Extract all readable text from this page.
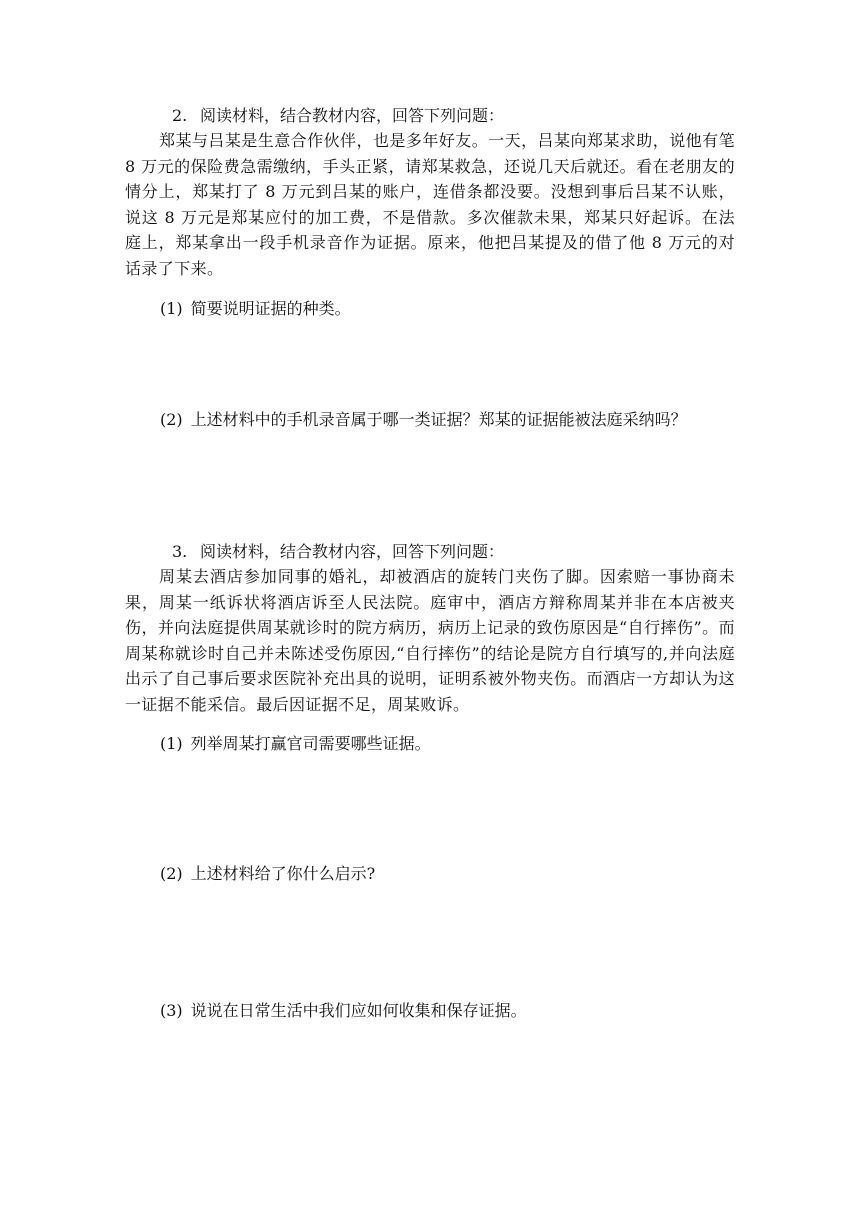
2. 阅读材料，结合教材内容，回答下列问题：

郑某与吕某是生意合作伙伴，也是多年好友。一天，吕某向郑某求助，说他有笔 8 万元的保险费急需缴纳，手头正紧，请郑某救急，还说几天后就还。看在老朋友的情分上，郑某打了 8 万元到吕某的账户，连借条都没要。没想到事后吕某不认账，说这 8 万元是郑某应付的加工费，不是借款。多次催款未果，郑某只好起诉。在法庭上，郑某拿出一段手机录音作为证据。原来，他把吕某提及的借了他 8 万元的对话录了下来。

(1) 简要说明证据的种类。
(2) 上述材料中的手机录音属于哪一类证据？郑某的证据能被法庭采纳吗？
3. 阅读材料，结合教材内容，回答下列问题：

周某去酒店参加同事的婚礼，却被酒店的旋转门夹伤了脚。因索赔一事协商未果，周某一纸诉状将酒店诉至人民法院。庭审中，酒店方辩称周某并非在本店被夹伤，并向法庭提供周某就诊时的院方病历，病历上记录的致伤原因是“自行摔伤”。而周某称就诊时自己并未陈述受伤原因,“自行摔伤”的结论是院方自行填写的,并向法庭出示了自己事后要求医院补充出具的说明，证明系被外物夹伤。而酒店一方却认为这一证据不能采信。最后因证据不足，周某败诉。

(1) 列举周某打赢官司需要哪些证据。
(2) 上述材料给了你什么启示?
(3) 说说在日常生活中我们应如何收集和保存证据。
